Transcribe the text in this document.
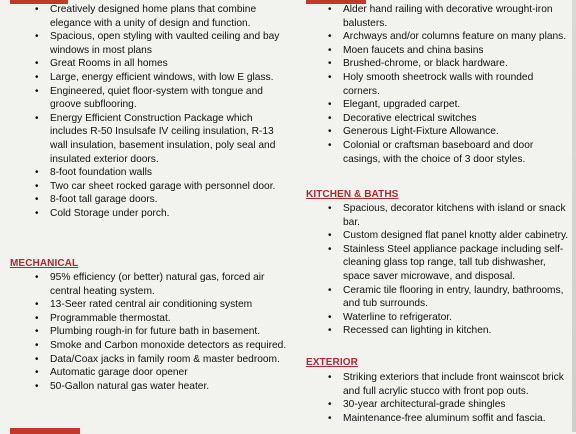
• Creatively designed home plans that combine elegance with a unity of design and function.
• Spacious, open styling with vaulted ceiling and bay windows in most plans
• Great Rooms in all homes
• Large, energy efficient windows, with low E glass.
• Engineered, quiet floor-system with tongue and groove subflooring.
• Energy Efficient Construction Package which includes R-50 Insulsafe IV ceiling insulation, R-13 wall insulation, basement insulation, poly seal and insulated exterior doors.
• 8-foot foundation walls
• Two car sheet rocked garage with personnel door.
• 8-foot tall garage doors.
• Cold Storage under porch.
MECHANICAL
• 95% efficiency (or better) natural gas, forced air central heating system.
• 13-Seer rated central air conditioning system
• Programmable thermostat.
• Plumbing rough-in for future bath in basement.
• Smoke and Carbon monoxide detectors as required.
• Data/Coax jacks in family room & master bedroom.
• Automatic garage door opener
• 50-Gallon natural gas water heater.
• Alder hand railing with decorative wrought-iron balusters.
• Archways and/or columns feature on many plans.
• Moen faucets and china basins
• Brushed-chrome, or black hardware.
• Holy smooth sheetrock walls with rounded corners.
• Elegant, upgraded carpet.
• Decorative electrical switches
• Generous Light-Fixture Allowance.
• Colonial or craftsman baseboard and door casings, with the choice of 3 door styles.
KITCHEN & BATHS
• Spacious, decorator kitchens with island or snack bar.
• Custom designed flat panel knotty alder cabinetry.
• Stainless Steel appliance package including self-cleaning glass top range, tall tub dishwasher, space saver microwave, and disposal.
• Ceramic tile flooring in entry, laundry, bathrooms, and tub surrounds.
• Waterline to refrigerator.
• Recessed can lighting in kitchen.
EXTERIOR
• Striking exteriors that include front wainscot brick and full acrylic stucco with front pop outs.
• 30-year architectural-grade shingles
• Maintenance-free aluminum soffit and fascia.
